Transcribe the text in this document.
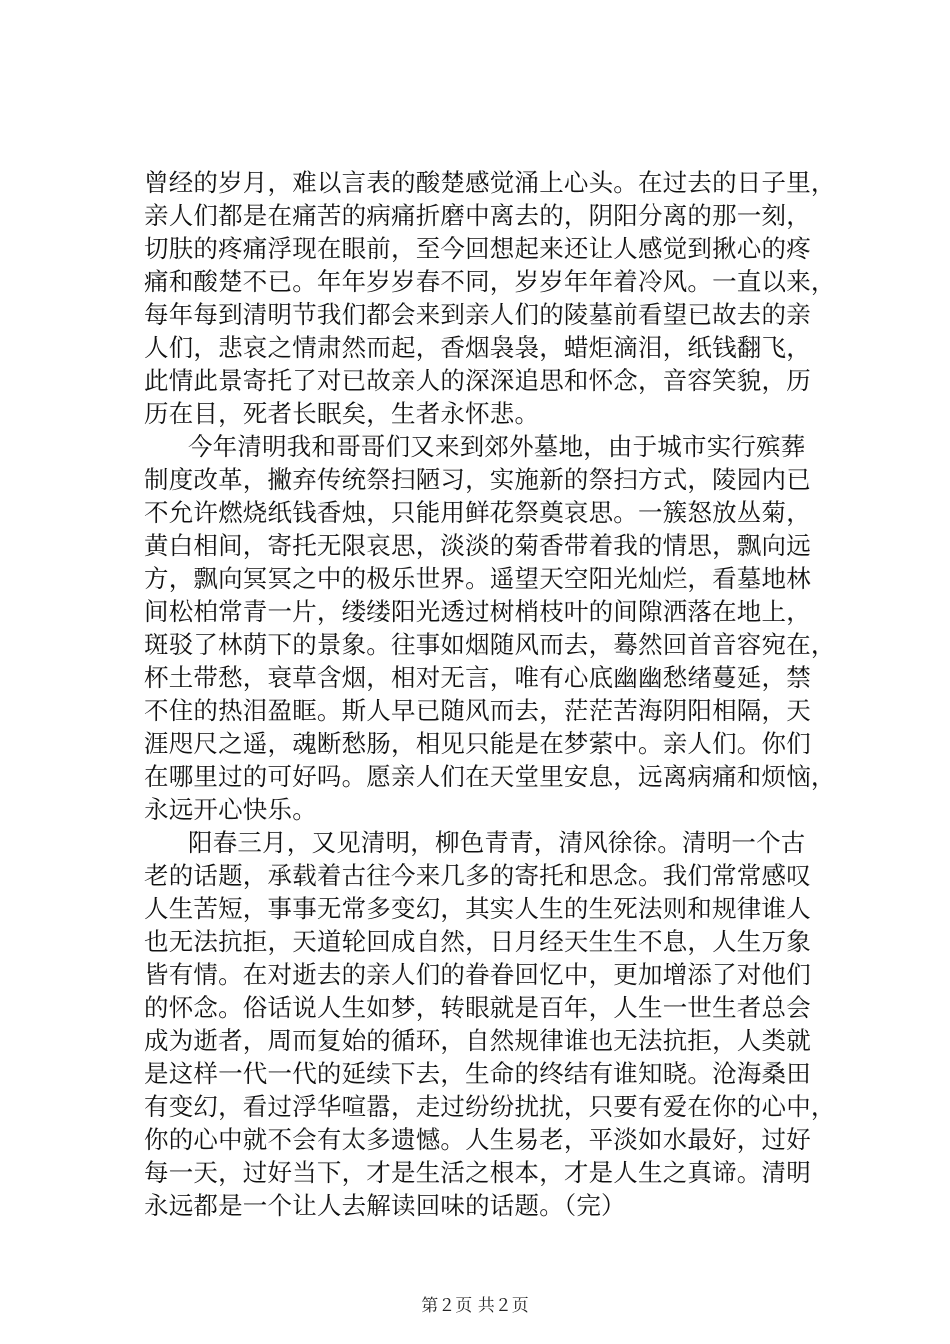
曾经的岁月，难以言表的酸楚感觉涌上心头。在过去的日子里，
亲人们都是在痛苦的病痛折磨中离去的，阴阳分离的那一刻，
切肤的疼痛浮现在眼前，至今回想起来还让人感觉到揪心的疼
痛和酸楚不已。年年岁岁春不同，岁岁年年着冷风。一直以来，
每年每到清明节我们都会来到亲人们的陵墓前看望已故去的亲
人们，悲哀之情肃然而起，香烟袅袅，蜡炬滴泪，纸钱翻飞，
此情此景寄托了对已故亲人的深深追思和怀念，音容笑貌，历
历在目，死者长眠矣，生者永怀悲。
今年清明我和哥哥们又来到郊外墓地，由于城市实行殡葬
制度改革，撇弃传统祭扫陋习，实施新的祭扫方式，陵园内已
不允许燃烧纸钱香烛，只能用鲜花祭奠哀思。一簇怒放丛菊，
黄白相间，寄托无限哀思，淡淡的菊香带着我的情思，飘向远
方，飘向冥冥之中的极乐世界。遥望天空阳光灿烂，看墓地林
间松柏常青一片，缕缕阳光透过树梢枝叶的间隙洒落在地上，
斑驳了林荫下的景象。往事如烟随风而去，蓦然回首音容宛在，
杯土带愁，衰草含烟，相对无言，唯有心底幽幽愁绪蔓延，禁
不住的热泪盈眶。斯人早已随风而去，茫茫苦海阴阳相隔，天
涯咫尺之遥，魂断愁肠，相见只能是在梦萦中。亲人们。你们
在哪里过的可好吗。愿亲人们在天堂里安息，远离病痛和烦恼，
永远开心快乐。
阳春三月，又见清明，柳色青青，清风徐徐。清明一个古
老的话题，承载着古往今来几多的寄托和思念。我们常常感叹
人生苦短，事事无常多变幻，其实人生的生死法则和规律谁人
也无法抗拒，天道轮回成自然，日月经天生生不息，人生万象
皆有情。在对逝去的亲人们的眷眷回忆中，更加增添了对他们
的怀念。俗话说人生如梦，转眼就是百年，人生一世生者总会
成为逝者，周而复始的循环，自然规律谁也无法抗拒，人类就
是这样一代一代的延续下去，生命的终结有谁知晓。沧海桑田
有变幻，看过浮华喧嚣，走过纷纷扰扰，只要有爱在你的心中，
你的心中就不会有太多遗憾。人生易老，平淡如水最好，过好
每一天，过好当下，才是生活之根本，才是人生之真谛。清明
永远都是一个让人去解读回味的话题。（完）
第２页 共２页
